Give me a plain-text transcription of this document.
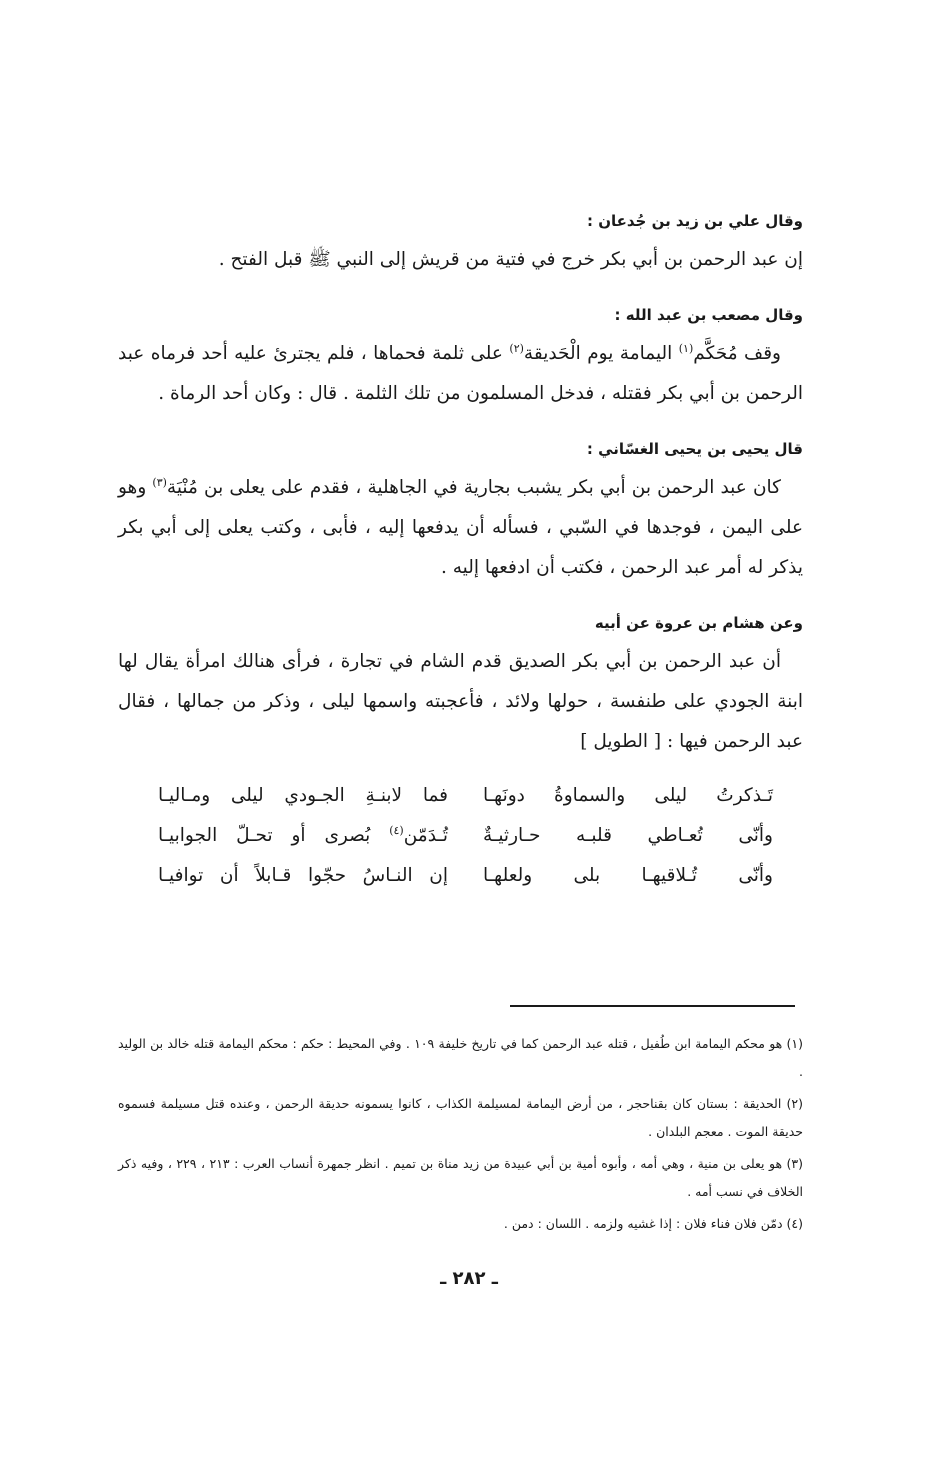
وقال علي بن زيد بن جُدعان :

إن عبد الرحمن بن أبي بكر خرج في فتية من قريش إلى النبي ﷺ قبل الفتح .

وقال مصعب بن عبد الله :

وقف مُحَكَّم$^{(١)}$ اليمامة يوم الْحَديقة$^{(٢)}$ على ثلمة فحماها ، فلم يجترئ عليه أحد فرماه عبد الرحمن بن أبي بكر فقتله ، فدخل المسلمون من تلك الثلمة . قال : وكان أحد الرماة .

قال يحيى بن يحيى الغسّاني :

كان عبد الرحمن بن أبي بكر يشبب بجارية في الجاهلية ، فقدم على يعلى بن مُنْيَة$^{(٣)}$ وهو على اليمن ، فوجدها في السّبي ، فسأله أن يدفعها إليه ، فأبى ، وكتب يعلى إلى أبي بكر يذكر له أمر عبد الرحمن ، فكتب أن ادفعها إليه .

وعن هشام بن عروة عن أبيه

أن عبد الرحمن بن أبي بكر الصديق قدم الشام في تجارة ، فرأى هنالك امرأة يقال لها ابنة الجودي على طنفسة ، حولها ولائد ، فأعجبته واسمها ليلى ، وذكر من جمالها ، فقال عبد الرحمن فيها : [ الطويل ]

تَـذكرتُ ليلى والسماوةُ دونَهـا
فما لابنـةِ الجـودي ليلى ومـاليـا
وأنّى تُعـاطي قلبـه حـارثيـةٌ
تُـدَمّن$^{(٤)}$ بُصرى أو تحـلّ الجوابيـا
وأنّى تُـلاقيهـا بلى ولعلهـا
إن النـاسُ حجّوا قـابلاً أن توافيـا

(١) هو محكم اليمامة ابن طُفيل ، قتله عبد الرحمن كما في تاريخ خليفة ١٠٩ . وفي المحيط : حكم : محكم اليمامة قتله خالد بن الوليد .

(٢) الحديقة : بستان كان بقناحجر ، من أرض اليمامة لمسيلمة الكذاب ، كانوا يسمونه حديقة الرحمن ، وعنده قتل مسيلمة فسموه حديقة الموت . معجم البلدان .

(٣) هو يعلى بن منية ، وهي أمه ، وأبوه أمية بن أبي عبيدة من زيد مناة بن تميم . انظر جمهرة أنساب العرب : ٢١٣ ، ٢٢٩ ، وفيه ذكر الخلاف في نسب أمه .

(٤) دمّن فلان فناء فلان : إذا غشيه ولزمه . اللسان : دمن .

ـ ٢٨٢ ـ
